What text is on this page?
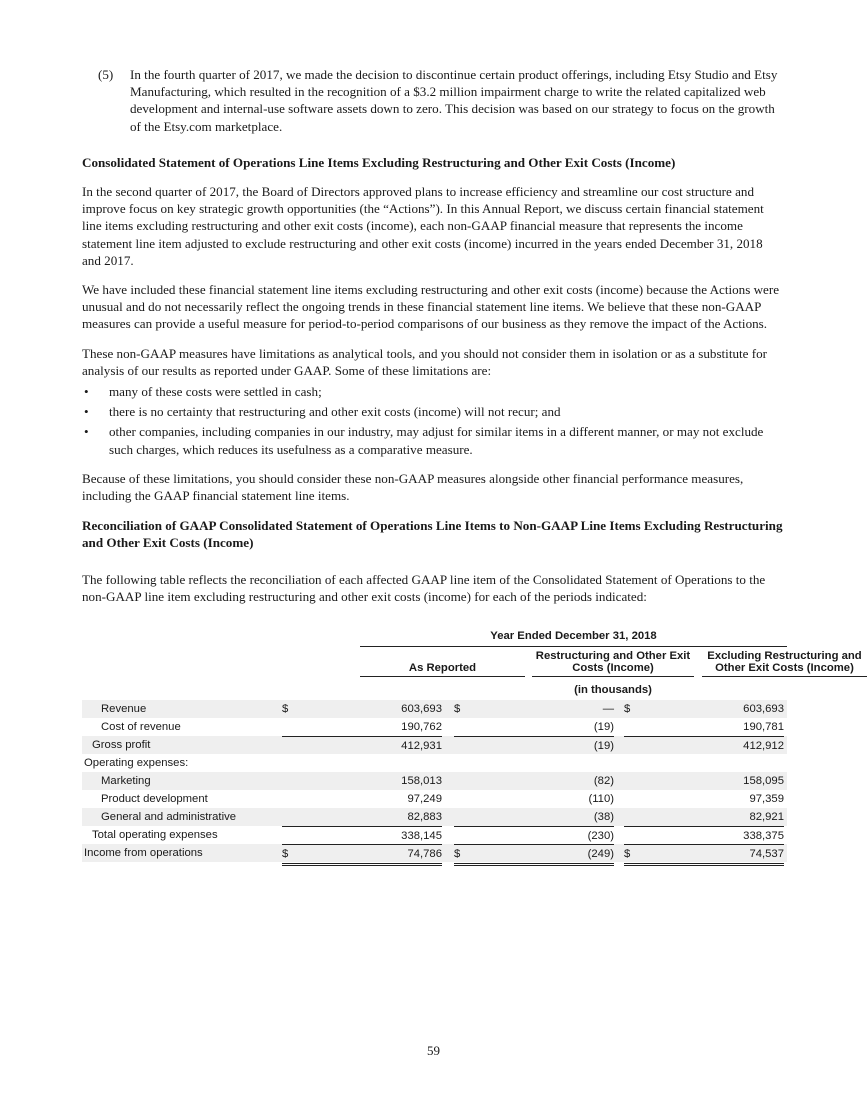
(5)	In the fourth quarter of 2017, we made the decision to discontinue certain product offerings, including Etsy Studio and Etsy Manufacturing, which resulted in the recognition of a $3.2 million impairment charge to write the related capitalized web development and internal-use software assets down to zero. This decision was based on our strategy to focus on the growth of the Etsy.com marketplace.

Consolidated Statement of Operations Line Items Excluding Restructuring and Other Exit Costs (Income)

In the second quarter of 2017, the Board of Directors approved plans to increase efficiency and streamline our cost structure and improve focus on key strategic growth opportunities (the “Actions”). In this Annual Report, we discuss certain financial statement line items excluding restructuring and other exit costs (income), each non-GAAP financial measure that represents the income statement line item adjusted to exclude restructuring and other exit costs (income) incurred in the years ended December 31, 2018 and 2017.

We have included these financial statement line items excluding restructuring and other exit costs (income) because the Actions were unusual and do not necessarily reflect the ongoing trends in these financial statement line items. We believe that these non-GAAP measures can provide a useful measure for period-to-period comparisons of our business as they remove the impact of the Actions.

These non-GAAP measures have limitations as analytical tools, and you should not consider them in isolation or as a substitute for analysis of our results as reported under GAAP. Some of these limitations are:

•	many of these costs were settled in cash;
•	there is no certainty that restructuring and other exit costs (income) will not recur; and
•	other companies, including companies in our industry, may adjust for similar items in a different manner, or may not exclude such charges, which reduces its usefulness as a comparative measure.

Because of these limitations, you should consider these non-GAAP measures alongside other financial performance measures, including the GAAP financial statement line items.

Reconciliation of GAAP Consolidated Statement of Operations Line Items to Non-GAAP Line Items Excluding Restructuring and Other Exit Costs (Income)

The following table reflects the reconciliation of each affected GAAP line item of the Consolidated Statement of Operations to the non-GAAP line item excluding restructuring and other exit costs (income) for each of the periods indicated:

Year Ended December 31, 2018
As Reported
Restructuring and Other Exit Costs (Income)
Excluding Restructuring and Other Exit Costs (Income)
(in thousands)
Revenue	$	603,693 $	— $	603,693
Cost of revenue	190,762	(19)	190,781
Gross profit	412,931	(19)	412,912
Operating expenses:
Marketing	158,013	(82)	158,095
Product development	97,249	(110)	97,359
General and administrative	82,883	(38)	82,921
Total operating expenses	338,145	(230)	338,375
Income from operations	$	74,786 $	(249) $	74,537
59
